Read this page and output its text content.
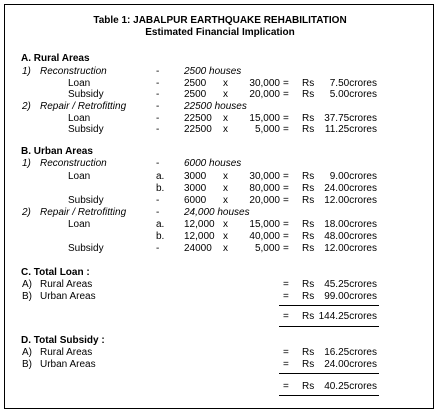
Table 1: JABALPUR EARTHQUAKE REHABILITATION
Estimated Financial Implication
A. Rural Areas
1) Reconstruction	- 2500 houses
Loan	- 2500 x	30,000 = Rs	7.50crores
Subsidy	- 2500 x	20,000 = Rs	5.00crores
2) Repair / Retrofitting	- 22500 houses
Loan	- 22500 x	15,000 = Rs 37.75crores
Subsidy	- 22500 x	5,000 = Rs	11.25crores
B. Urban Areas
1) Reconstruction	- 6000 houses
Loan	a. 3000 x	30,000 = Rs	9.00crores
b. 3000 x	80,000 = Rs 24.00crores
Subsidy	- 6000 x	20,000 = Rs 12.00crores
2) Repair / Retrofitting	- 24,000 houses
Loan	a. 12,000 x	15,000 = Rs 18.00crores
b. 12,000 x	40,000 = Rs 48.00crores
Subsidy	- 24000 x	5,000 = Rs 12.00crores
C. Total Loan :
A) Rural Areas	= Rs 45.25crores
B) Urban Areas	= Rs 99.00crores
= Rs 144.25crores
D. Total Subsidy :
A) Rural Areas	= Rs 16.25crores
B) Urban Areas	= Rs 24.00crores
= Rs 40.25crores
